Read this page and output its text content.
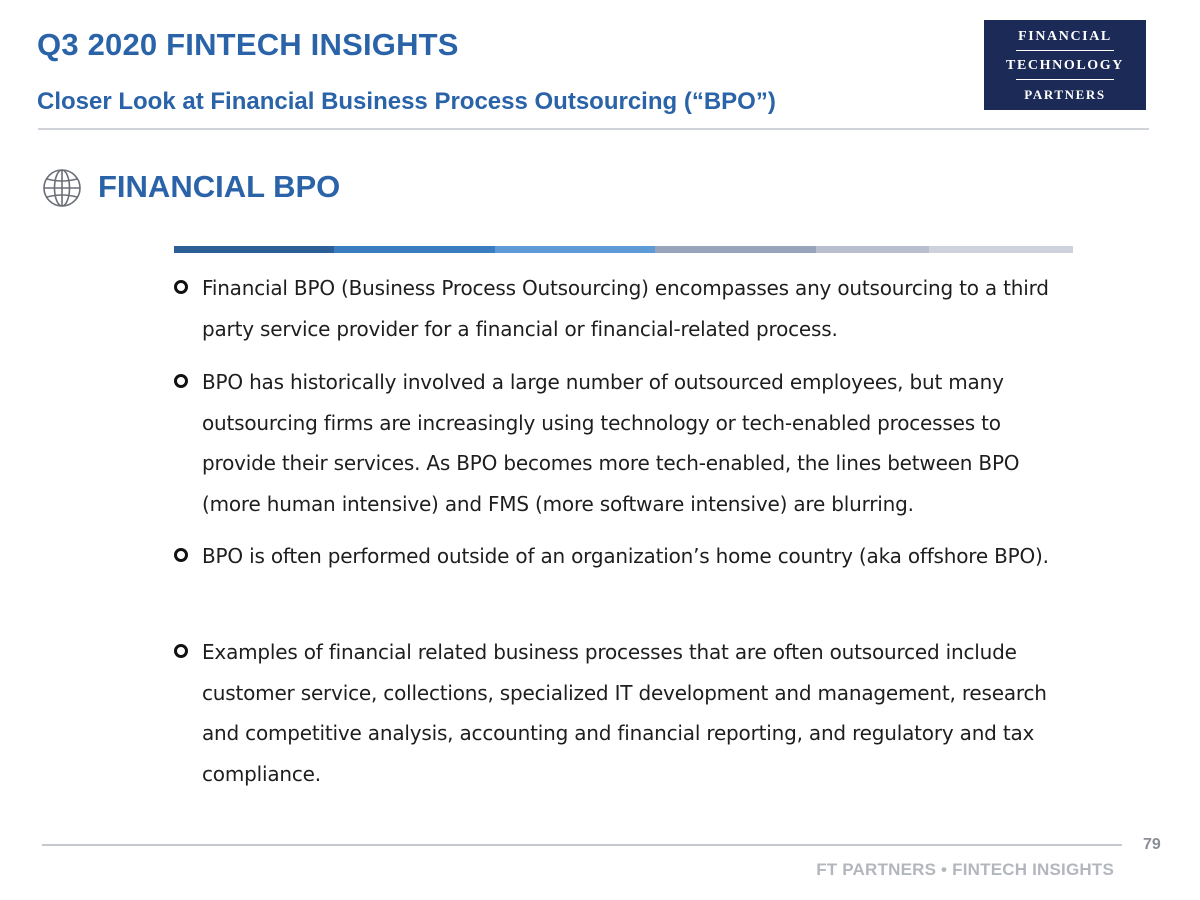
Q3 2020 FINTECH INSIGHTS
Closer Look at Financial Business Process Outsourcing (“BPO”)
FINANCIAL
TECHNOLOGY
PARTNERS
FINANCIAL BPO
Financial BPO (Business Process Outsourcing) encompasses any outsourcing to a third party service provider for a financial or financial-related process.
BPO has historically involved a large number of outsourced employees, but many outsourcing firms are increasingly using technology or tech-enabled processes to provide their services. As BPO becomes more tech-enabled, the lines between BPO (more human intensive) and FMS (more software intensive) are blurring.
BPO is often performed outside of an organization’s home country (aka offshore BPO).
Examples of financial related business processes that are often outsourced include customer service, collections, specialized IT development and management, research and competitive analysis, accounting and financial reporting, and regulatory and tax compliance.
79
FT PARTNERS • FINTECH INSIGHTS
